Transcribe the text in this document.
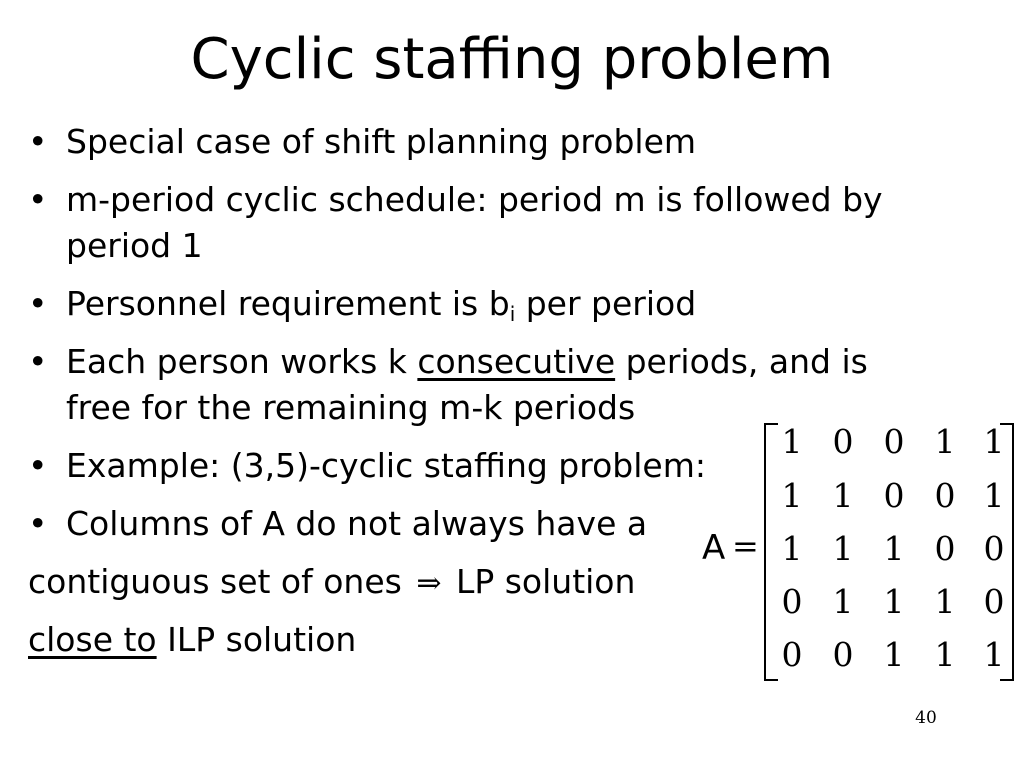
Cyclic staffing problem
• Special case of shift planning problem
• m-period cyclic schedule: period m is followed by
period 1
• Personnel requirement is $b_i$ per period
• Each person works k consecutive periods, and is
free for the remaining m-k periods
• Example: (3,5)-cyclic staffing problem:
• Columns of A do not always have a
contiguous set of ones ⇒ LP solution
close to ILP solution
A =
1 0 0 1 1
1 1 0 0 1
1 1 1 0 0
0 1 1 1 0
0 0 1 1 1
40
